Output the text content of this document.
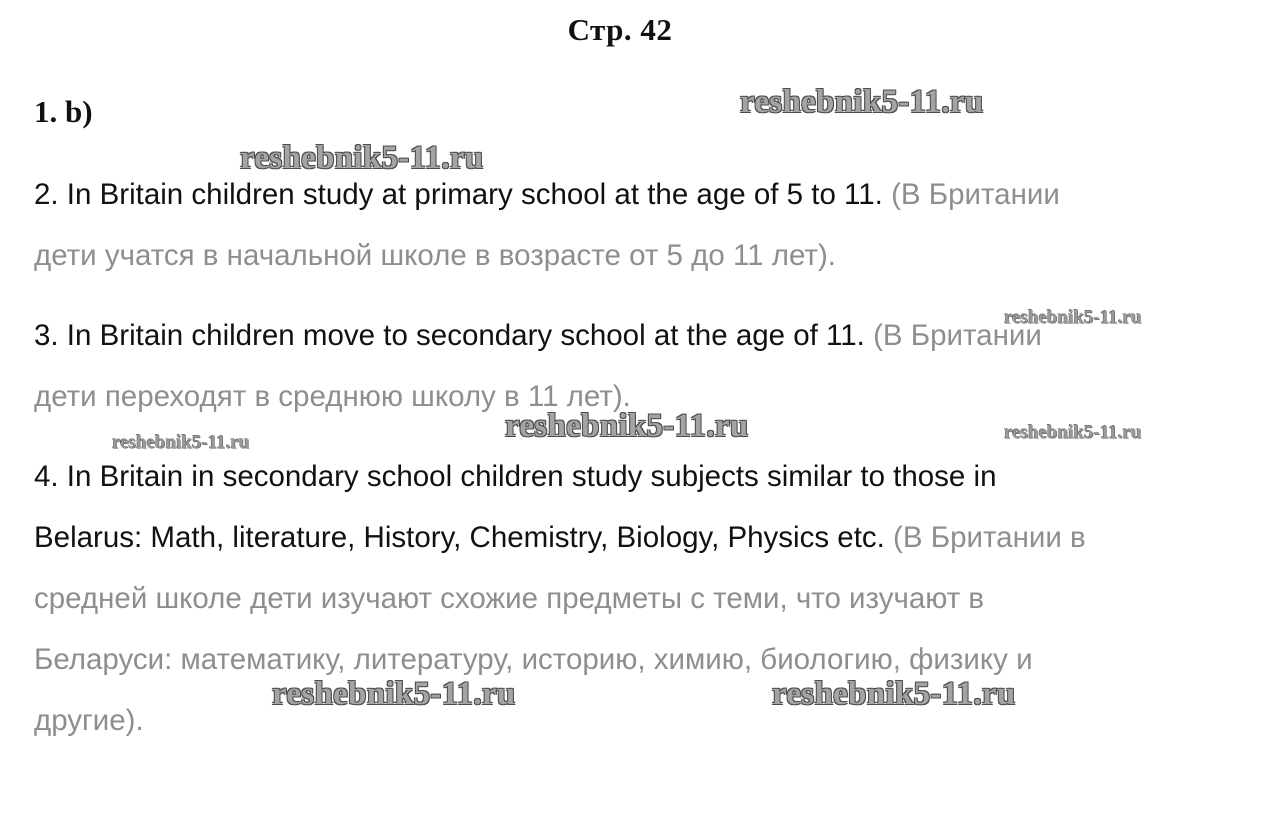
Стр. 42
1. b)
2. In Britain children study at primary school at the age of 5 to 11. (В Британии
дети учатся в начальной школе в возрасте от 5 до 11 лет).
3. In Britain children move to secondary school at the age of 11. (В Британии
дети переходят в среднюю школу в 11 лет).
4. In Britain in secondary school children study subjects similar to those in
Belarus: Math, literature, History, Chemistry, Biology, Physics etc. (В Британии в
средней школе дети изучают схожие предметы с теми, что изучают в
Беларуси: математику, литературу, историю, химию, биологию, физику и
другие).
reshebnik5-11.ru
reshebnik5-11.ru
reshebnik5-11.ru
reshebnik5-11.ru	reshebnik5-11.ru
reshebnik5-11.ru
reshebnik5-11.ru	reshebnik5-11.ru
